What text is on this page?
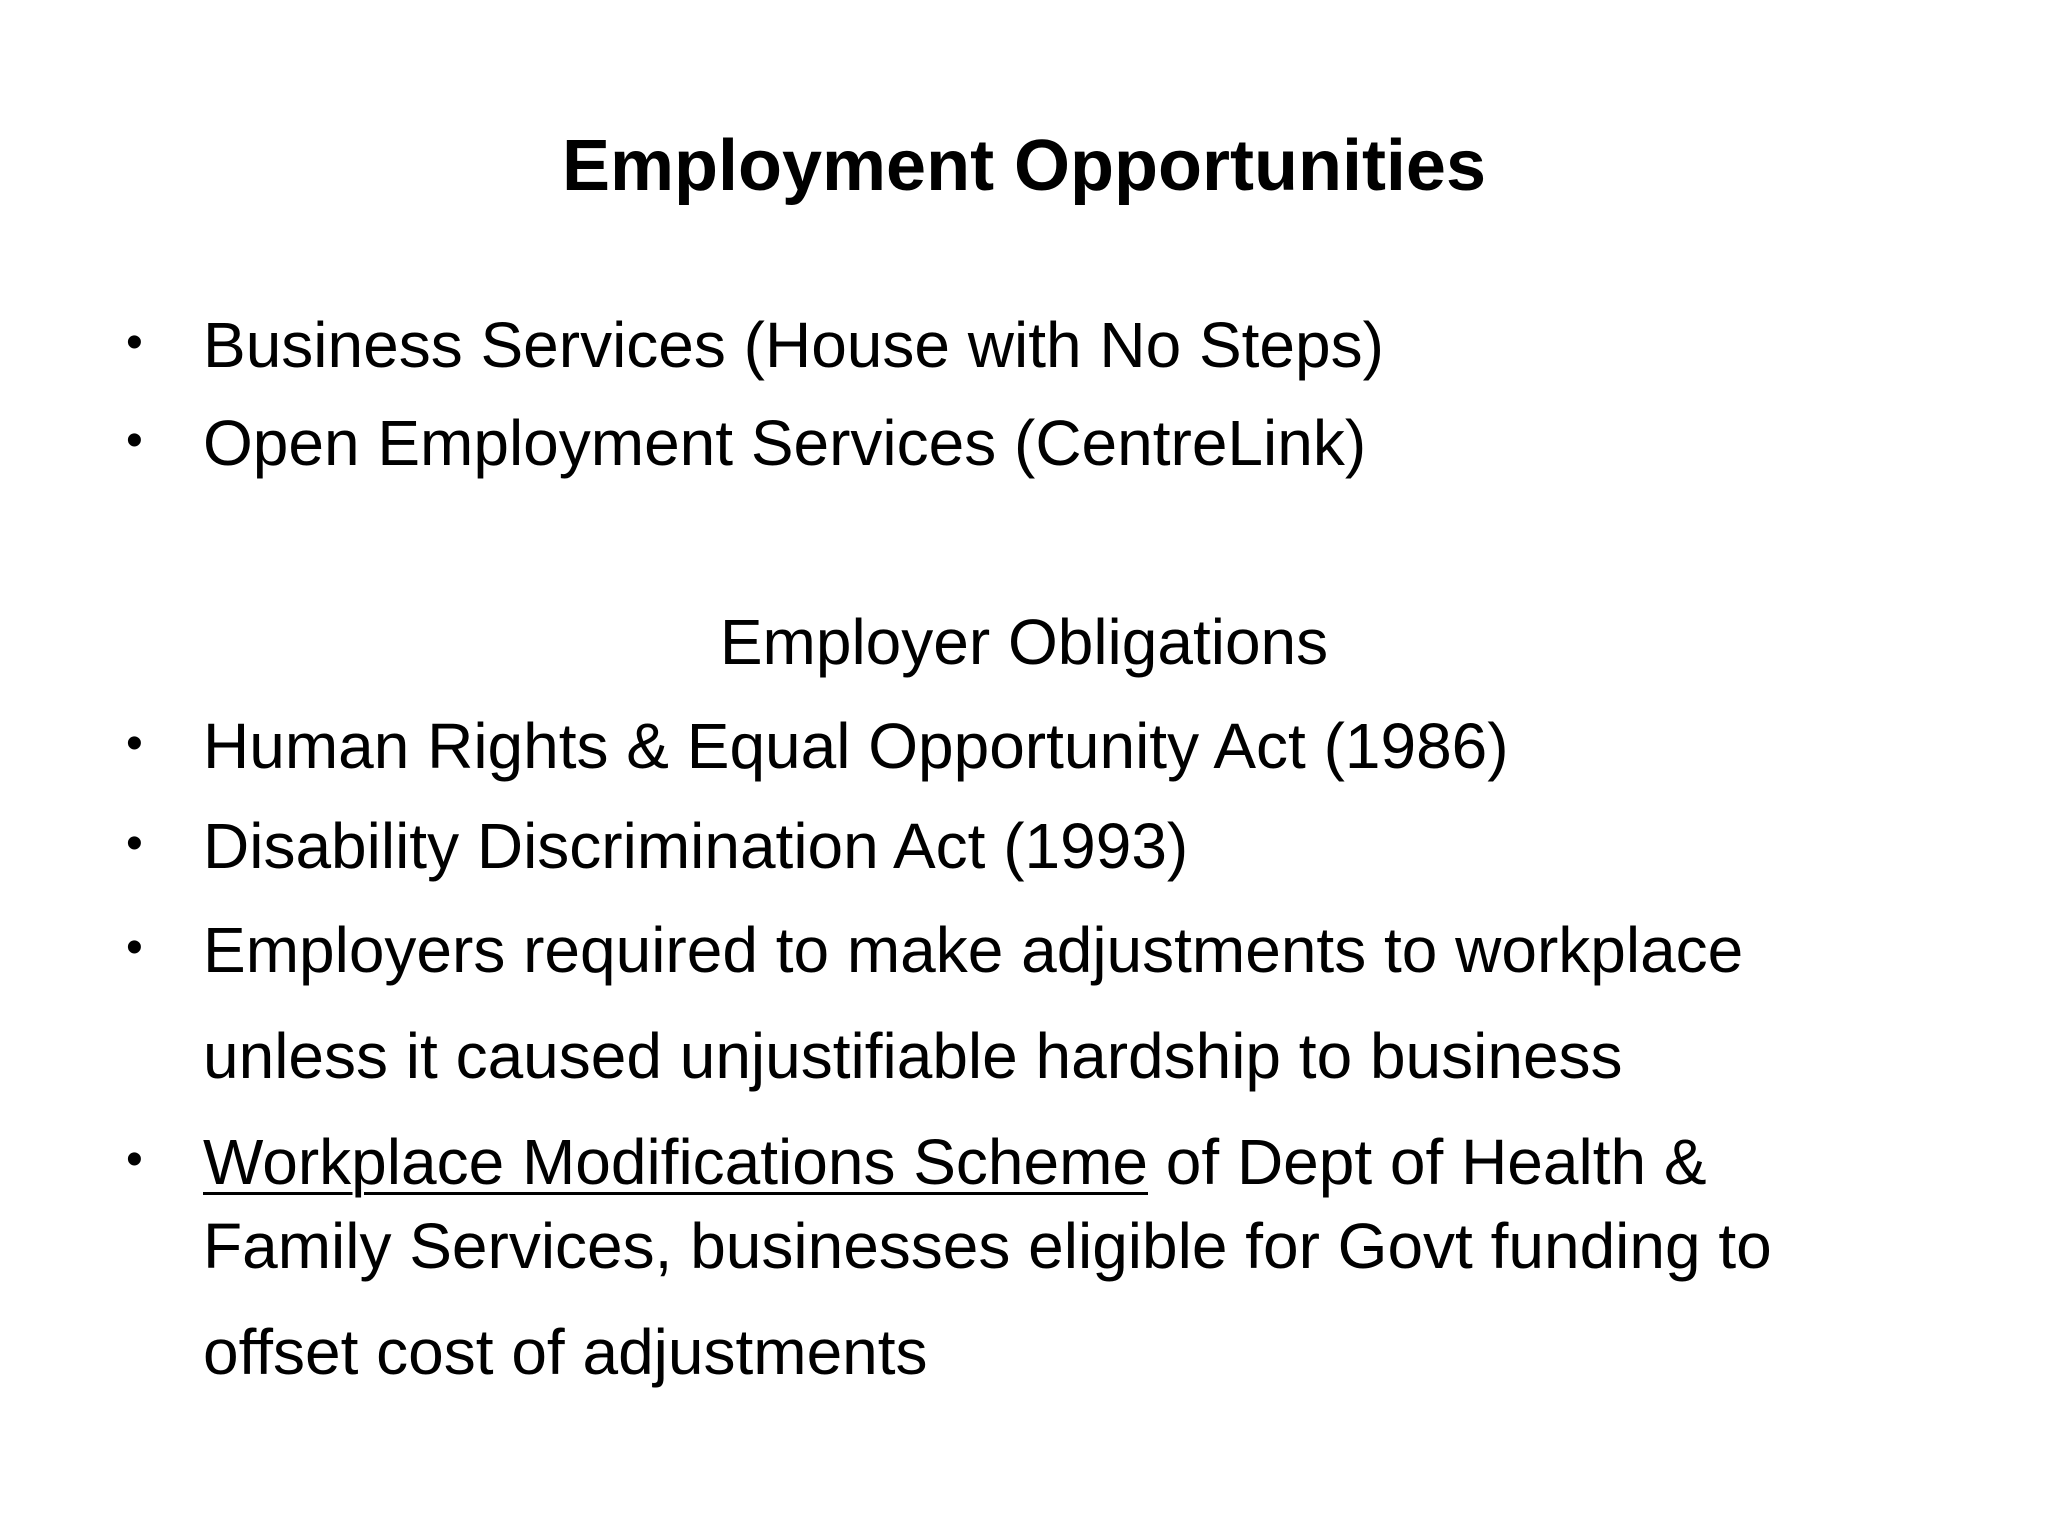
Employment Opportunities
• Business Services (House with No Steps)
• Open Employment Services (CentreLink)
Employer Obligations
• Human Rights & Equal Opportunity Act (1986)
• Disability Discrimination Act (1993)
• Employers required to make adjustments to workplace
unless it caused unjustifiable hardship to business
• Workplace Modifications Scheme of Dept of Health &
Family Services, businesses eligible for Govt funding to
offset cost of adjustments
